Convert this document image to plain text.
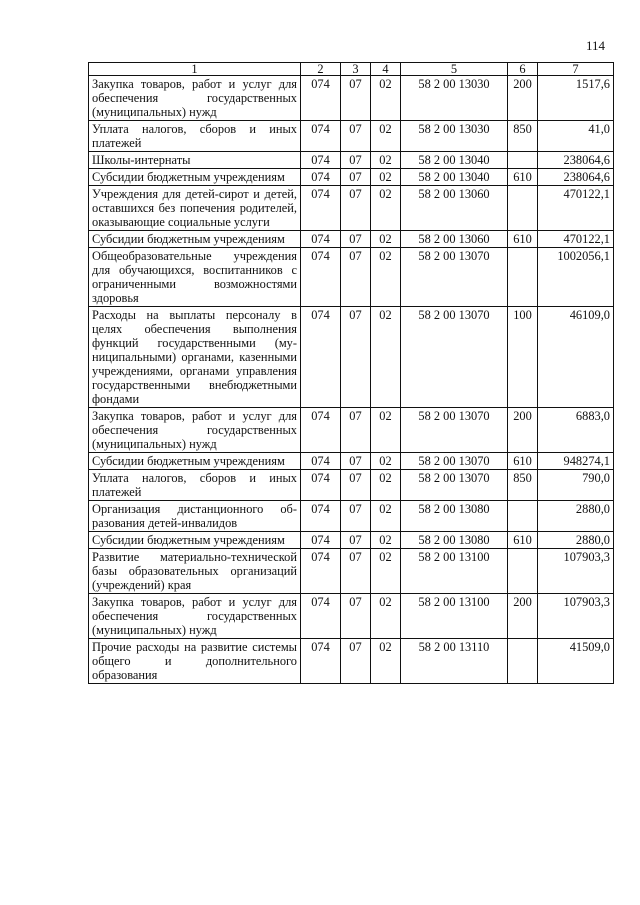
114
1	2	3	4	5	6	7
Закупка товаров, работ и услуг для обеспечения государственных (муниципальных) нужд	074	07	02	58 2 00 13030	200	1517,6
Уплата налогов, сборов и иных платежей	074	07	02	58 2 00 13030	850	41,0
Школы-интернаты	074	07	02	58 2 00 13040		238064,6
Субсидии бюджетным учреждениям	074	07	02	58 2 00 13040	610	238064,6
Учреждения для детей-сирот и детей, оставшихся без попечения родителей, оказывающие социальные услуги	074	07	02	58 2 00 13060		470122,1
Субсидии бюджетным учреждениям	074	07	02	58 2 00 13060	610	470122,1
Общеобразовательные учреждения для обучающихся, воспитанников с ограниченными возможностями здоровья	074	07	02	58 2 00 13070		1002056,1
Расходы на выплаты персоналу в целях обеспечения выполнения функций государственными (муниципальными) органами, казенными учреждениями, органами управления государственными внебюджетными фондами	074	07	02	58 2 00 13070	100	46109,0
Закупка товаров, работ и услуг для обеспечения государственных (муниципальных) нужд	074	07	02	58 2 00 13070	200	6883,0
Субсидии бюджетным учреждениям	074	07	02	58 2 00 13070	610	948274,1
Уплата налогов, сборов и иных платежей	074	07	02	58 2 00 13070	850	790,0
Организация дистанционного образования детей-инвалидов	074	07	02	58 2 00 13080		2880,0
Субсидии бюджетным учреждениям	074	07	02	58 2 00 13080	610	2880,0
Развитие материально-технической базы образовательных организаций (учреждений) края	074	07	02	58 2 00 13100		107903,3
Закупка товаров, работ и услуг для обеспечения государственных (муниципальных) нужд	074	07	02	58 2 00 13100	200	107903,3
Прочие расходы на развитие системы общего и дополнительного образования	074	07	02	58 2 00 13110		41509,0
